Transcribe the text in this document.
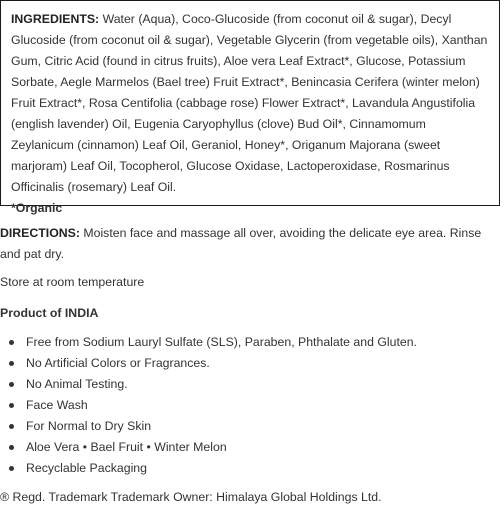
INGREDIENTS: Water (Aqua), Coco-Glucoside (from coconut oil & sugar), Decyl Glucoside (from coconut oil & sugar), Vegetable Glycerin (from vegetable oils), Xanthan Gum, Citric Acid (found in citrus fruits), Aloe vera Leaf Extract*, Glucose, Potassium Sorbate, Aegle Marmelos (Bael tree) Fruit Extract*, Benincasia Cerifera (winter melon) Fruit Extract*, Rosa Centifolia (cabbage rose) Flower Extract*, Lavandula Angustifolia (english lavender) Oil, Eugenia Caryophyllus (clove) Bud Oil*, Cinnamomum Zeylanicum (cinnamon) Leaf Oil, Geraniol, Honey*, Origanum Majorana (sweet marjoram) Leaf Oil, Tocopherol, Glucose Oxidase, Lactoperoxidase, Rosmarinus Officinalis (rosemary) Leaf Oil.

*Organic

DIRECTIONS: Moisten face and massage all over, avoiding the delicate eye area. Rinse and pat dry.

Store at room temperature

Product of INDIA

Free from Sodium Lauryl Sulfate (SLS), Paraben, Phthalate and Gluten.
No Artificial Colors or Fragrances.
No Animal Testing.
Face Wash
For Normal to Dry Skin
Aloe Vera • Bael Fruit • Winter Melon
Recyclable Packaging

® Regd. Trademark Trademark Owner: Himalaya Global Holdings Ltd.
